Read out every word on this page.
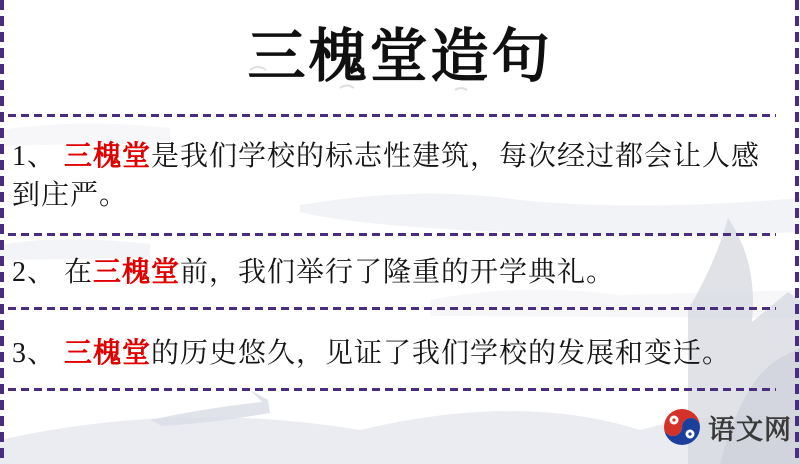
三槐堂造句
1、 三槐堂是我们学校的标志性建筑，每次经过都会让人感到庄严。
2、 在三槐堂前，我们举行了隆重的开学典礼。
3、 三槐堂的历史悠久，见证了我们学校的发展和变迁。
语文网
